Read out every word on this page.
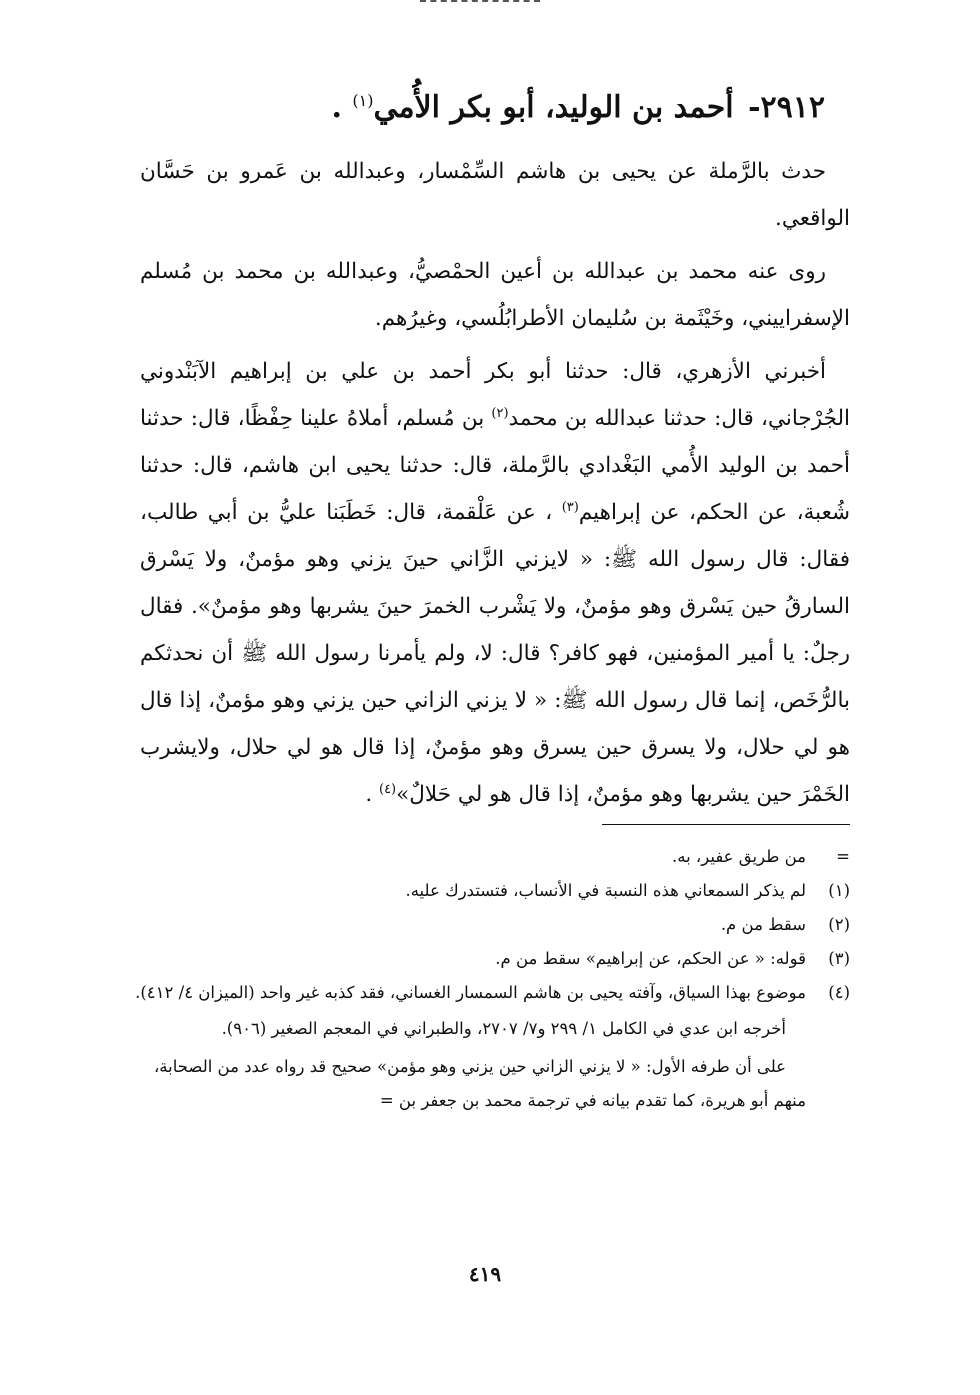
٢٩١٢- أحمد بن الوليد، أبو بكر الأُمي$^{(١)}$ .

حدث بالرَّملة عن يحيى بن هاشم السِّمْسار، وعبدالله بن عَمرو بن حَسَّان الواقعي.

روى عنه محمد بن عبدالله بن أعين الحمْصيُّ، وعبدالله بن محمد بن مُسلم الإسفراييني، وخَيْثَمة بن سُليمان الأطرابُلُسي، وغيرُهم.

أخبرني الأزهري، قال: حدثنا أبو بكر أحمد بن علي بن إبراهيم الآبَنْدوني الجُرْجاني، قال: حدثنا عبدالله بن محمد$^{(٢)}$ بن مُسلم، أملاهُ علينا حِفْظًا، قال: حدثنا أحمد بن الوليد الأُمي البَغْدادي بالرَّملة، قال: حدثنا يحيى ابن هاشم، قال: حدثنا شُعبة، عن الحكم، عن إبراهيم$^{(٣)}$ ، عن عَلْقمة، قال: خَطَبَنا عليُّ بن أبي طالب، فقال: قال رسول الله ﷺ: « لايزني الزَّاني حينَ يزني وهو مؤمنٌ، ولا يَسْرق السارقُ حين يَسْرق وهو مؤمنٌ، ولا يَشْرب الخمرَ حينَ يشربها وهو مؤمنٌ». فقال رجلٌ: يا أمير المؤمنين، فهو كافر؟ قال: لا، ولم يأمرنا رسول الله ﷺ أن نحدثكم بالرُّخَص، إنما قال رسول الله ﷺ: « لا يزني الزاني حين يزني وهو مؤمنٌ، إذا قال هو لي حلال، ولا يسرق حين يسرق وهو مؤمنٌ، إذا قال هو لي حلال، ولايشرب الخَمْرَ حين يشربها وهو مؤمنٌ، إذا قال هو لي حَلالٌ»$^{(٤)}$ .

=
من طريق عفير، به.
(١)
لم يذكر السمعاني هذه النسبة في الأنساب، فتستدرك عليه.
(٢)
سقط من م.
(٣)
قوله: « عن الحكم، عن إبراهيم» سقط من م.
(٤)
موضوع بهذا السياق، وآفته يحيى بن هاشم السمسار الغساني، فقد كذبه غير واحد (الميزان ٤/ ٤١٢).
أخرجه ابن عدي في الكامل ١/ ٢٩٩ و٧/ ٢٧٠٧، والطبراني في المعجم الصغير (٩٠٦).
على أن طرفه الأول: « لا يزني الزاني حين يزني وهو مؤمن» صحيح قد رواه عدد من الصحابة، منهم أبو هريرة، كما تقدم بيانه في ترجمة محمد بن جعفر بن =
٤١٩
